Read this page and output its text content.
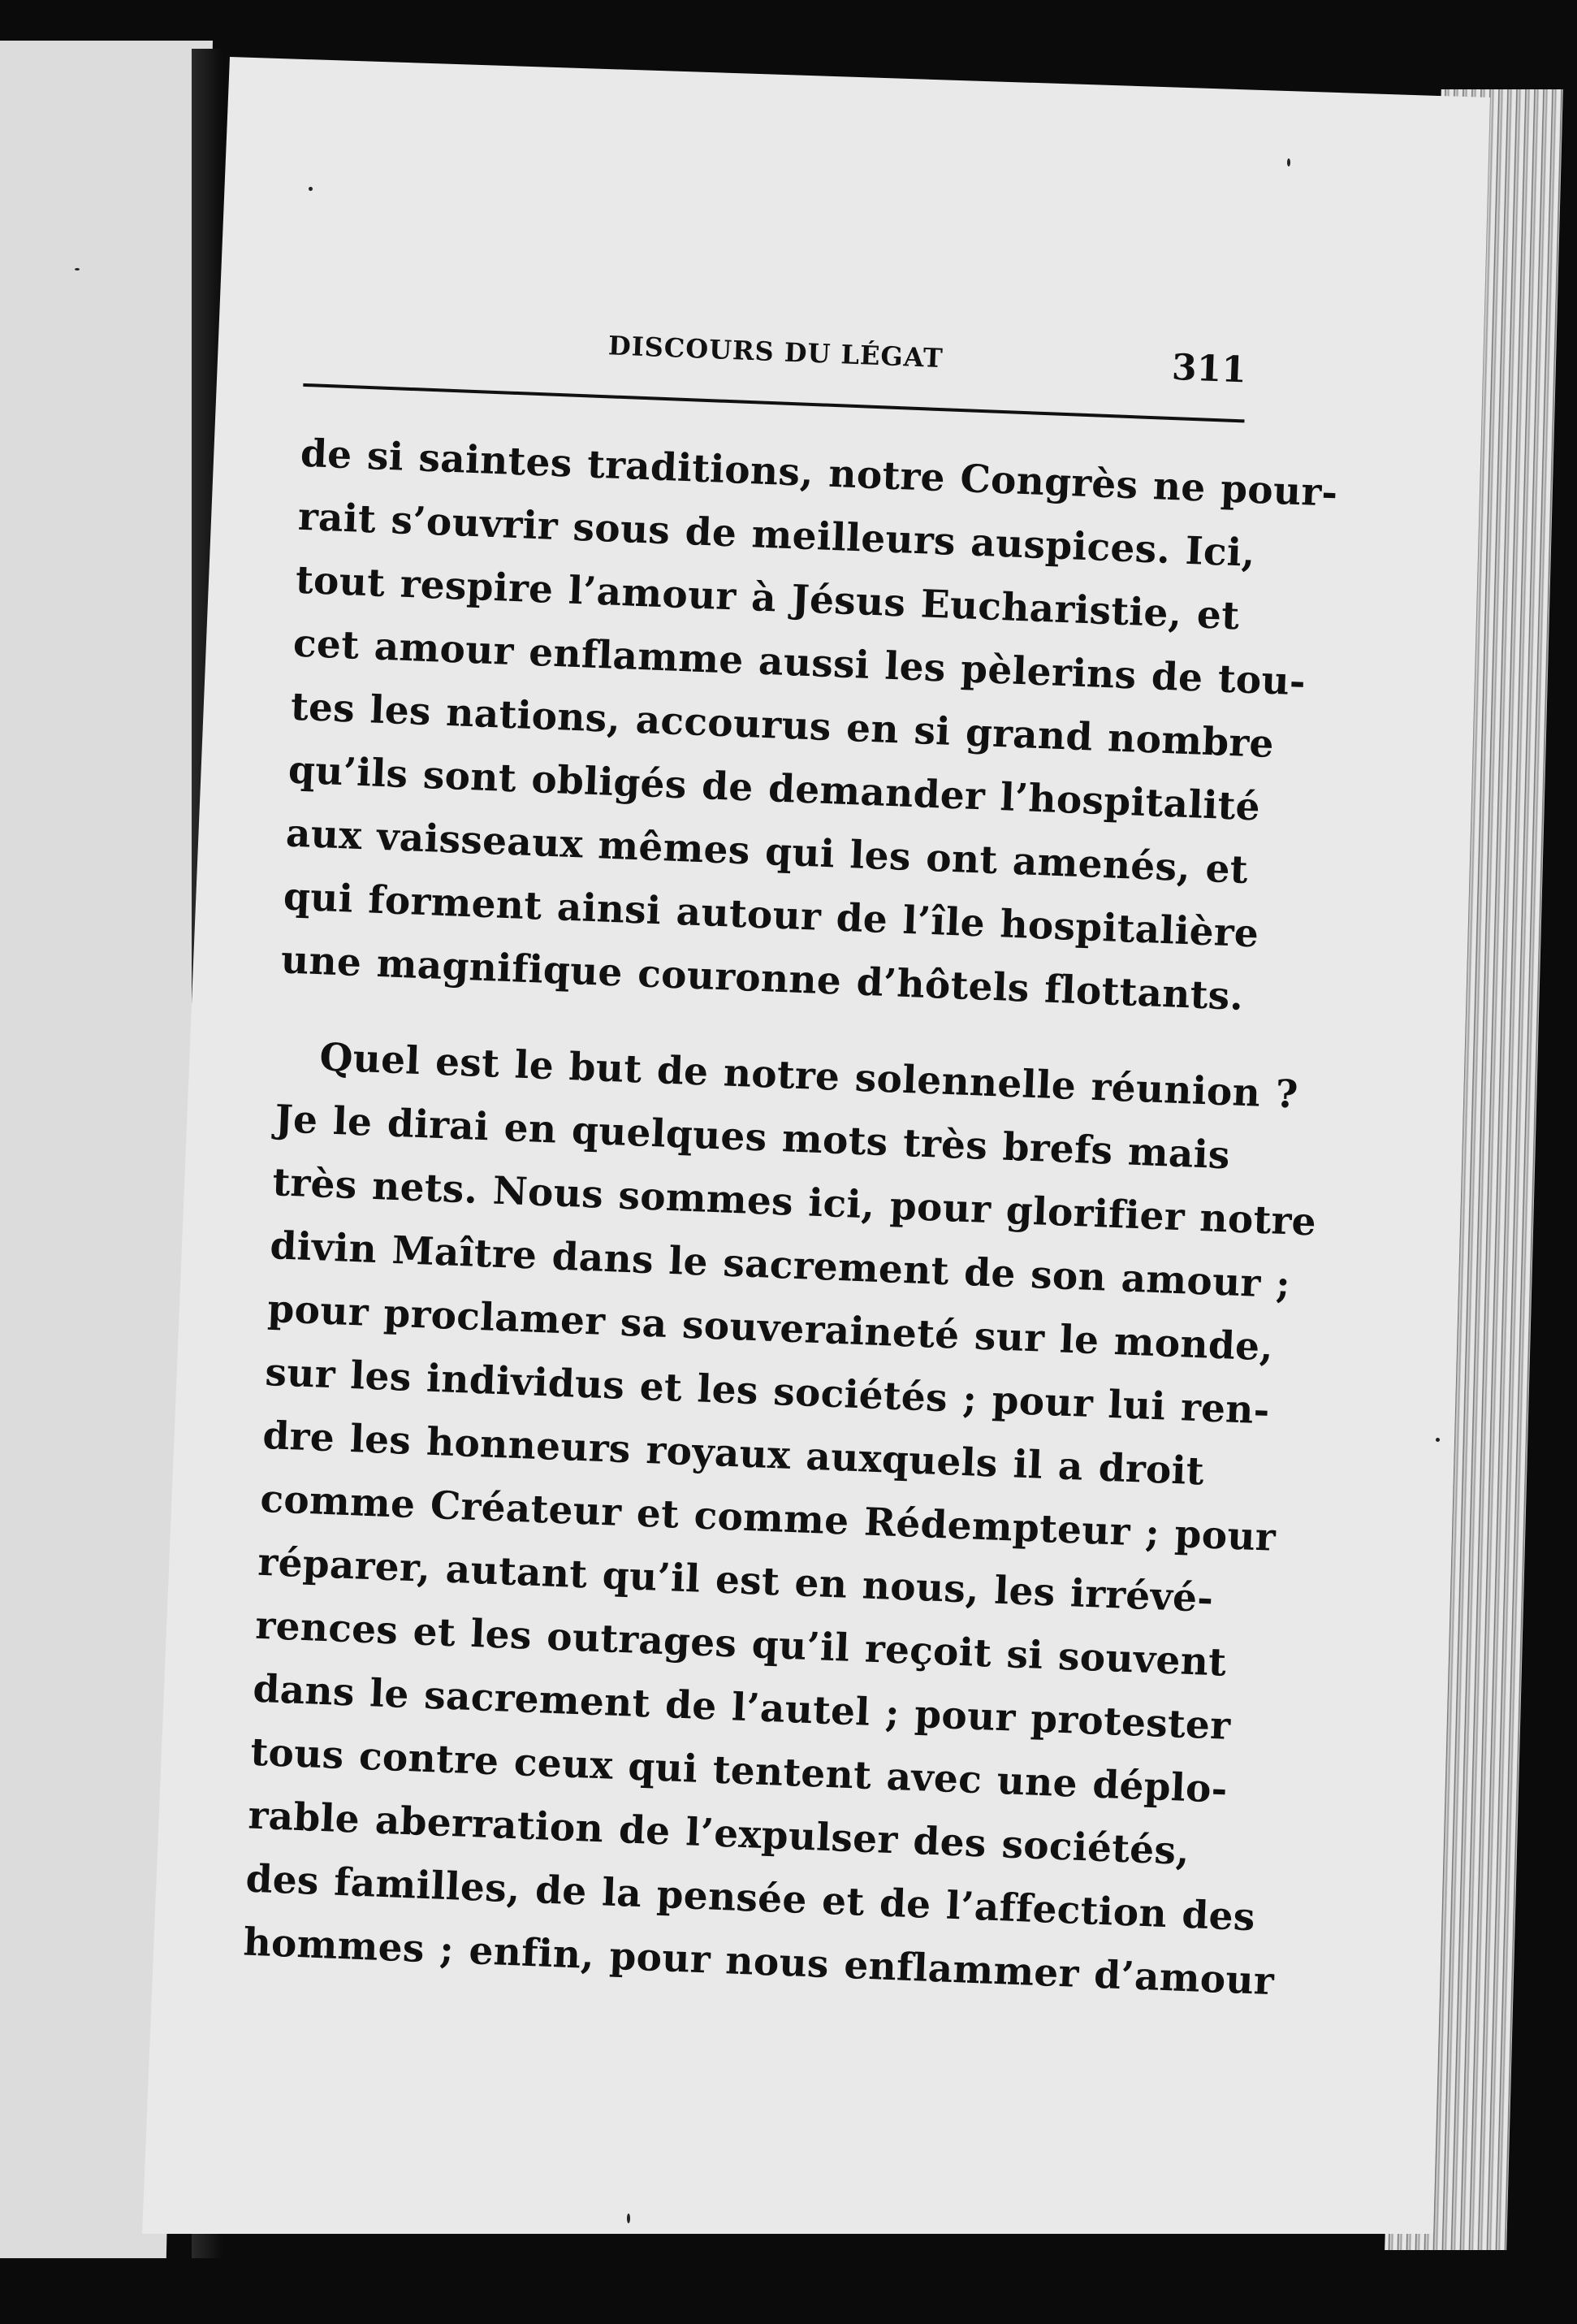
DISCOURS DU LÉGAT	311

de si saintes traditions, notre Congrès ne pour-
rait s’ouvrir sous de meilleurs auspices. Ici,
tout respire l’amour à Jésus Eucharistie, et
cet amour enflamme aussi les pèlerins de tou-
tes les nations, accourus en si grand nombre
qu’ils sont obligés de demander l’hospitalité
aux vaisseaux mêmes qui les ont amenés, et
qui forment ainsi autour de l’île hospitalière
une magnifique couronne d’hôtels flottants.

Quel est le but de notre solennelle réunion ?
Je le dirai en quelques mots très brefs mais
très nets. Nous sommes ici, pour glorifier notre
divin Maître dans le sacrement de son amour ;
pour proclamer sa souveraineté sur le monde,
sur les individus et les sociétés ; pour lui ren-
dre les honneurs royaux auxquels il a droit
comme Créateur et comme Rédempteur ; pour
réparer, autant qu’il est en nous, les irrévé-
rences et les outrages qu’il reçoit si souvent
dans le sacrement de l’autel ; pour protester
tous contre ceux qui tentent avec une déplo-
rable aberration de l’expulser des sociétés,
des familles, de la pensée et de l’affection des
hommes ; enfin, pour nous enflammer d’amour
